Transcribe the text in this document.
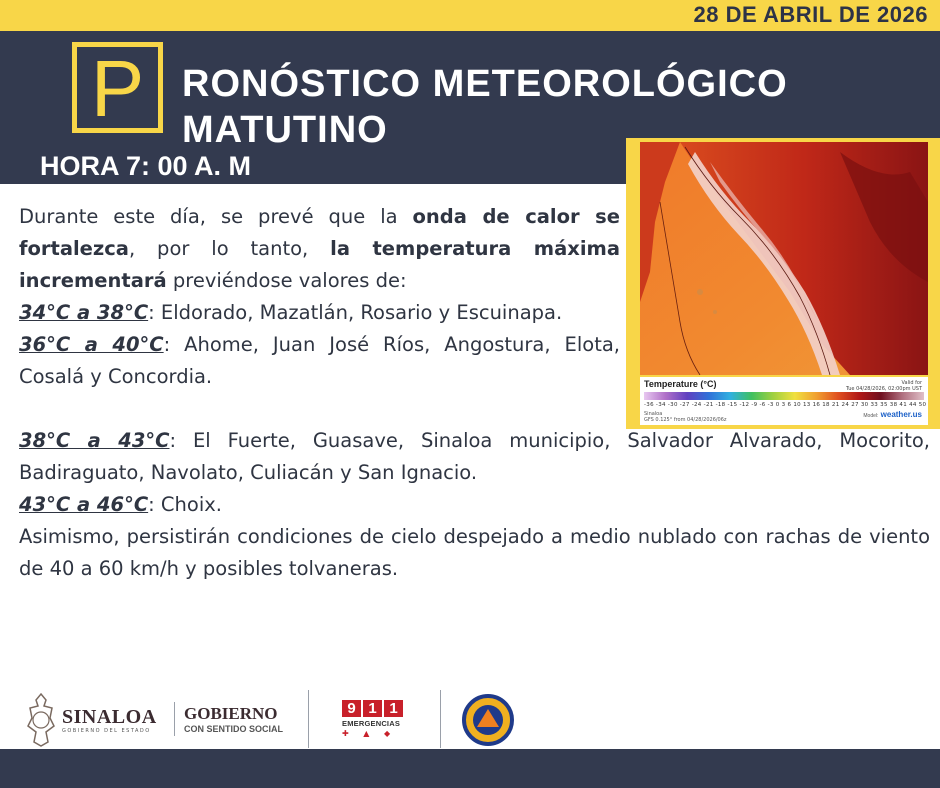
28 DE ABRIL DE 2026
P RONÓSTICO METEOROLÓGICO
MATUTINO
HORA 7: 00 A. M
Temperature (°C)	Valid for
Tue 04/28/2026, 02:00pm UST
-36 -34 -30 -27 -24 -21 -18 -15 -12 -9 -6 -3 0 3 6 10 13 16 18 21 24 27 30 33 35 38 41 44 50
Sinaloa
GFS 0.125° from 04/28/2026/06z
Model: weather.us

Durante este día, se prevé que la onda de calor se fortalezca, por lo tanto, la temperatura máxima incrementará previéndose valores de:

34°C a 38°C: Eldorado, Mazatlán, Rosario y Escuinapa.

36°C a 40°C: Ahome, Juan José Ríos, Angostura, Elota, Cosalá y Concordia.

38°C a 43°C: El Fuerte, Guasave, Sinaloa municipio, Salvador Alvarado, Mocorito, Badiraguato, Navolato, Culiacán y San Ignacio.

43°C a 46°C: Choix.

Asimismo, persistirán condiciones de cielo despejado a medio nublado con rachas de viento de 40 a 60 km/h y posibles tolvaneras.

SINALOA
GOBIERNO DEL ESTADO
GOBIERNO
CON SENTIDO SOCIAL
9 1 1
EMERGENCIAS
✚ ▲ ◆
